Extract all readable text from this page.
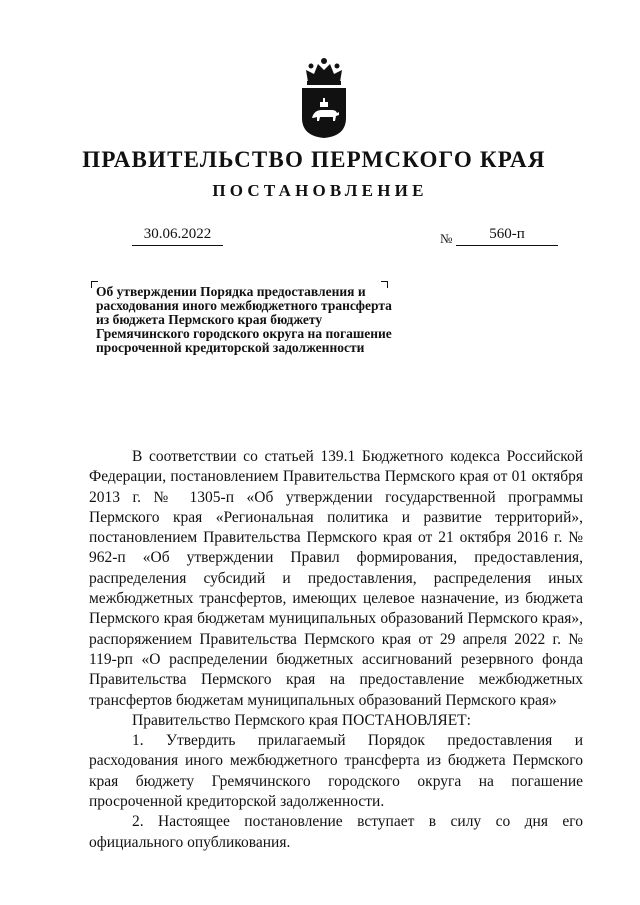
ПРАВИТЕЛЬСТВО ПЕРМСКОГО КРАЯ
ПОСТАНОВЛЕНИЕ
30.06.2022	№	560-п
Об утверждении Порядка предоставления и расходования иного межбюджетного трансферта из бюджета Пермского края бюджету Гремячинского городского округа на погашение просроченной кредиторской задолженности

В соответствии со статьей 139.1 Бюджетного кодекса Российской Федерации, постановлением Правительства Пермского края от 01 октября 2013 г. № 1305-п «Об утверждении государственной программы Пермского края «Региональная политика и развитие территорий», постановлением Правительства Пермского края от 21 октября 2016 г. № 962-п «Об утверждении Правил формирования, предоставления, распределения субсидий и предоставления, распределения иных межбюджетных трансфертов, имеющих целевое назначение, из бюджета Пермского края бюджетам муниципальных образований Пермского края», распоряжением Правительства Пермского края от 29 апреля 2022 г. № 119-рп «О распределении бюджетных ассигнований резервного фонда Правительства Пермского края на предоставление межбюджетных трансфертов бюджетам муниципальных образований Пермского края»

Правительство Пермского края ПОСТАНОВЛЯЕТ:

1. Утвердить прилагаемый Порядок предоставления и расходования иного межбюджетного трансферта из бюджета Пермского края бюджету Гремячинского городского округа на погашение просроченной кредиторской задолженности.

2. Настоящее постановление вступает в силу со дня его официального опубликования.
